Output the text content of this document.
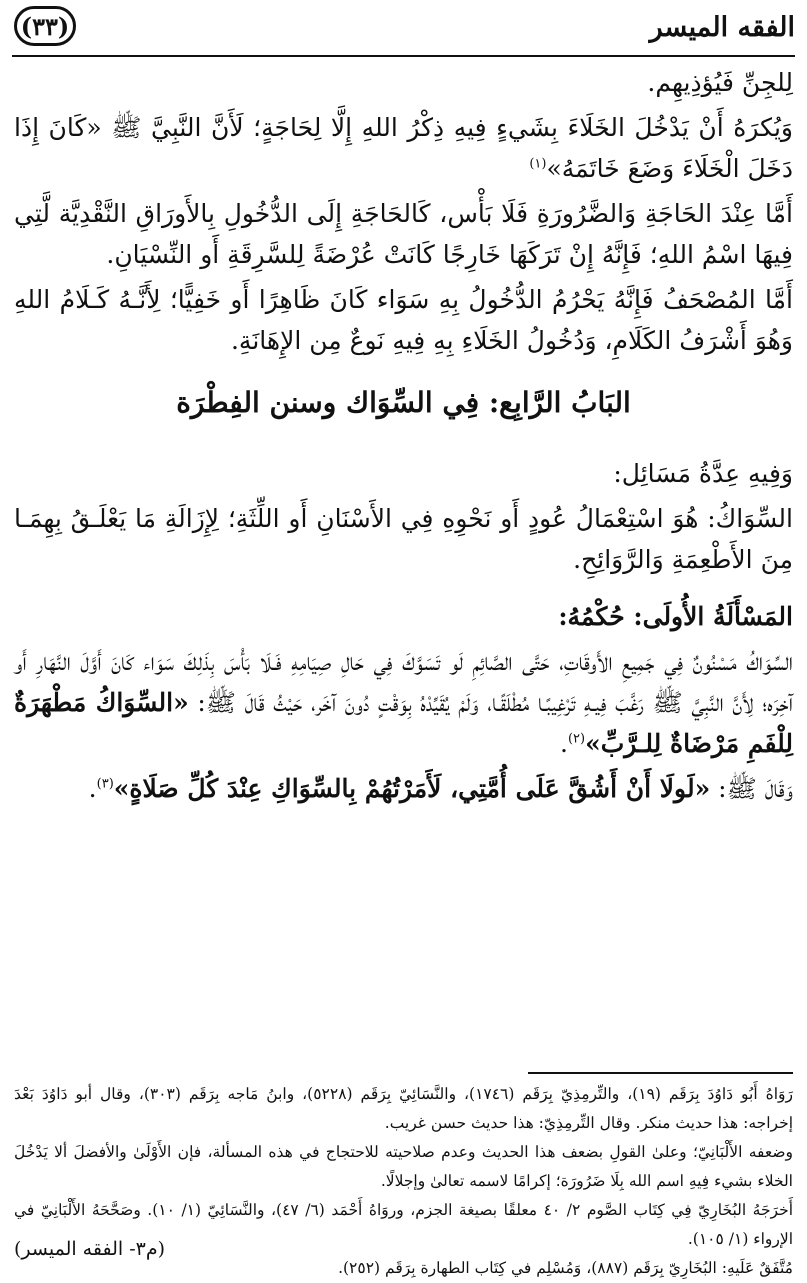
(٣٣)	الفقه الميسر

لِلجِنِّ فَيُؤذِيهِم.

وَيُكرَهُ أَنْ يَدْخُلَ الخَلَاءَ بِشَيءٍ فِيهِ ذِكْرُ اللهِ إِلَّا لِحَاجَةٍ؛ لَأَنَّ النَّبِيَّ ﷺ «كَانَ إِذَا دَخَلَ الْخَلَاءَ وَضَعَ خَاتَمَهُ»$^{(١)}$

أَمَّا عِنْدَ الحَاجَةِ وَالضَّرُورَةِ فَلَا بَأْس، كَالحَاجَةِ إِلَى الدُّخُولِ بِالأَورَاقِ النَّقْدِيَّة لَّتِي فِيهَا اسْمُ اللهِ؛ فَإِنَّهُ إِنْ تَرَكَهَا خَارِجًا كَانَتْ عُرْضَةً لِلسَّرِقَةِ أَو النِّسْيَانِ.

أَمَّا المُصْحَفُ فَإِنَّهُ يَحْرُمُ الدُّخُولُ بِهِ سَوَاء كَانَ ظَاهِرًا أَو خَفِيًّا؛ لِأَنَّـهُ كَـلَامُ اللهِ وَهُوَ أَشْرَفُ الكَلَامِ، وَدُخُولُ الخَلَاءِ بِهِ فِيهِ نَوعٌ مِن الإِهَانَةِ.

البَابُ الرَّابِع: فِي السِّوَاك وسنن الفِطْرَة

وَفِيهِ عِدَّةُ مَسَائِل:

السِّوَاكُ: هُوَ اسْتِعْمَالُ عُودٍ أَو نَحْوِهِ فِي الأَسْنَانِ أَو اللِّثَةِ؛ لِإِزَالَةِ مَا يَعْلَـقُ بِهِمَـا مِنَ الأَطْعِمَةِ وَالرَّوَائِحِ.

المَسْأَلَةُ الأُولَى: حُكْمُهُ:

السِّوَاكُ مَسْنُونٌ فِي جَمِيعِ الأَوقَاتِ، حَتَّى الصَّائِمِ لَو تَسَوَّكَ فِي حَالِ صِيَامِهِ فَـلَا بَأْسَ بِذَلِكَ سَوَاء كَانَ أَوَّلَ النَّهَارِ أَو آخِرَه؛ لِأَنَّ النَّبِيَّ ﷺ رَغَّبَ فِيـهِ تَرْغِيبًـا مُطْلَقًـا، وَلَمْ يُقَيِّدْهُ بِوَقْتٍ دُونَ آخَر، حَيْثُ قَالَ ﷺ: «السِّوَاكُ مَطْهَرَةٌ لِلْفَمِ مَرْضَاةٌ لِلـرَّبِّ»$^{(٢)}$.

وَقَالَ ﷺ: «لَولَا أَنْ أَشُقَّ عَلَى أُمَّتِي، لَأَمَرْتُهُمْ بِالسِّوَاكِ عِنْدَ كُلِّ صَلَاةٍ»$^{(٣)}$.

رَوَاهُ أَبُو دَاوُدَ بِرَقَم (١٩)، والتِّرمِذِيّ بِرَقَم (١٧٤٦)، والنَّسَائِيّ بِرَقَم (٥٢٢٨)، وابنُ مَاجه بِرَقَم (٣٠٣)، وقال أبو دَاوُدَ بَعْدَ إخراجه: هذا حديث منكر. وقال التِّرمِذِيّ: هذا حديث حسن غريب.

وضعفه الأَلْبَانِيّ؛ وعلىٰ القولِ بضعف هذا الحديث وعدم صلاحيته للاحتجاج في هذه المسألة، فإن الأَوْلَىٰ والأفضلَ ألا يَدْخُلَ الخلاء بشيء فِيهِ اسم الله بِلَا ضَرُورَة؛ إكرامًا لاسمه تعالىٰ وإجلالًا.

أَخرَجَهُ البُخَارِيّ فِي كِتَاب الصَّوم ٢/ ٤٠ معلقًا بصيغة الجزم، وروَاهُ أَحْمَد (٦/ ٤٧)، والنَّسَائِيّ (١/ ١٠). وصَحَّحَهُ الأَلْبَانِيّ في الإرواء (١/ ١٠٥).

مُتَّفَقٌ عَلَيهِ: البُخَارِيّ بِرَقَم (٨٨٧)، وَمُسْلِم في كِتَاب الطهارة بِرَقَم (٢٥٢).

(م٣- الفقه الميسر)
